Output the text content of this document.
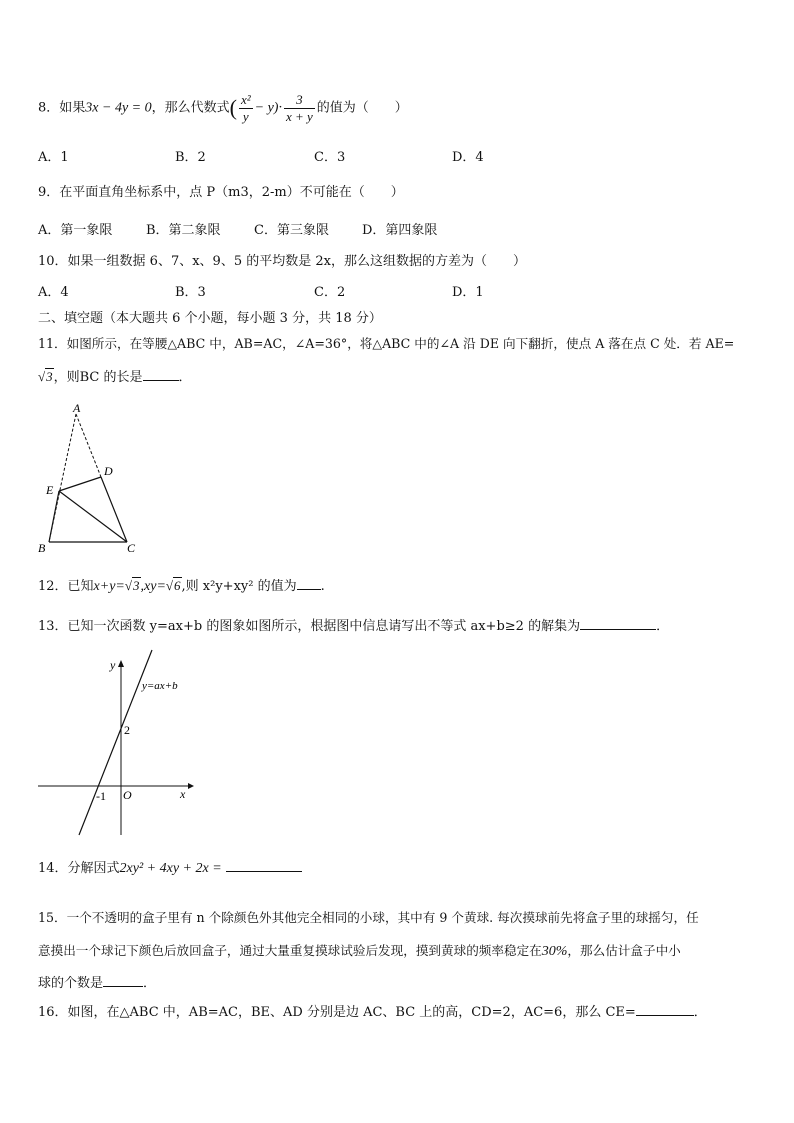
8．如果3x − 4y = 0，那么代数式( $\frac{\text{x²}}{y} - y)\cdot \frac{3}{x + y}$ 的值为（　　）
A．1	B．2	C．3	D．4
9．在平面直角坐标系中，点 P（m3，2-m）不可能在（　　）
A．第一象限	B．第二象限	C．第三象限	D．第四象限
10．如果一组数据 6、7、x、9、5 的平均数是 2x，那么这组数据的方差为（　　）
A．4	B．3	C．2	D．1
二、填空题（本大题共 6 个小题，每小题 3 分，共 18 分）
11．如图所示，在等腰△ABC 中，AB=AC，∠A=36°，将△ABC 中的∠A 沿 DE 向下翻折，使点 A 落在点 C 处．若 AE=
√3，则BC 的长是	．
A
D
E
B	C
12．已知x+y=√3,xy=√6,则 x²y+xy² 的值为 .
13．已知一次函数 y=ax+b 的图象如图所示，根据图中信息请写出不等式 ax+b≥2 的解集为	．
y
x
O
y=ax+b
2
-1
14．分解因式2xy² + 4xy + 2x =
15．一个不透明的盒子里有 n 个除颜色外其他完全相同的小球，其中有 9 个黄球. 每次摸球前先将盒子里的球摇匀，任
意摸出一个球记下颜色后放回盒子，通过大量重复摸球试验后发现，摸到黄球的频率稳定在30%，那么估计盒子中小
球的个数是	．
16．如图，在△ABC 中，AB=AC，BE、AD 分别是边 AC、BC 上的高，CD=2，AC=6，那么 CE=	．
